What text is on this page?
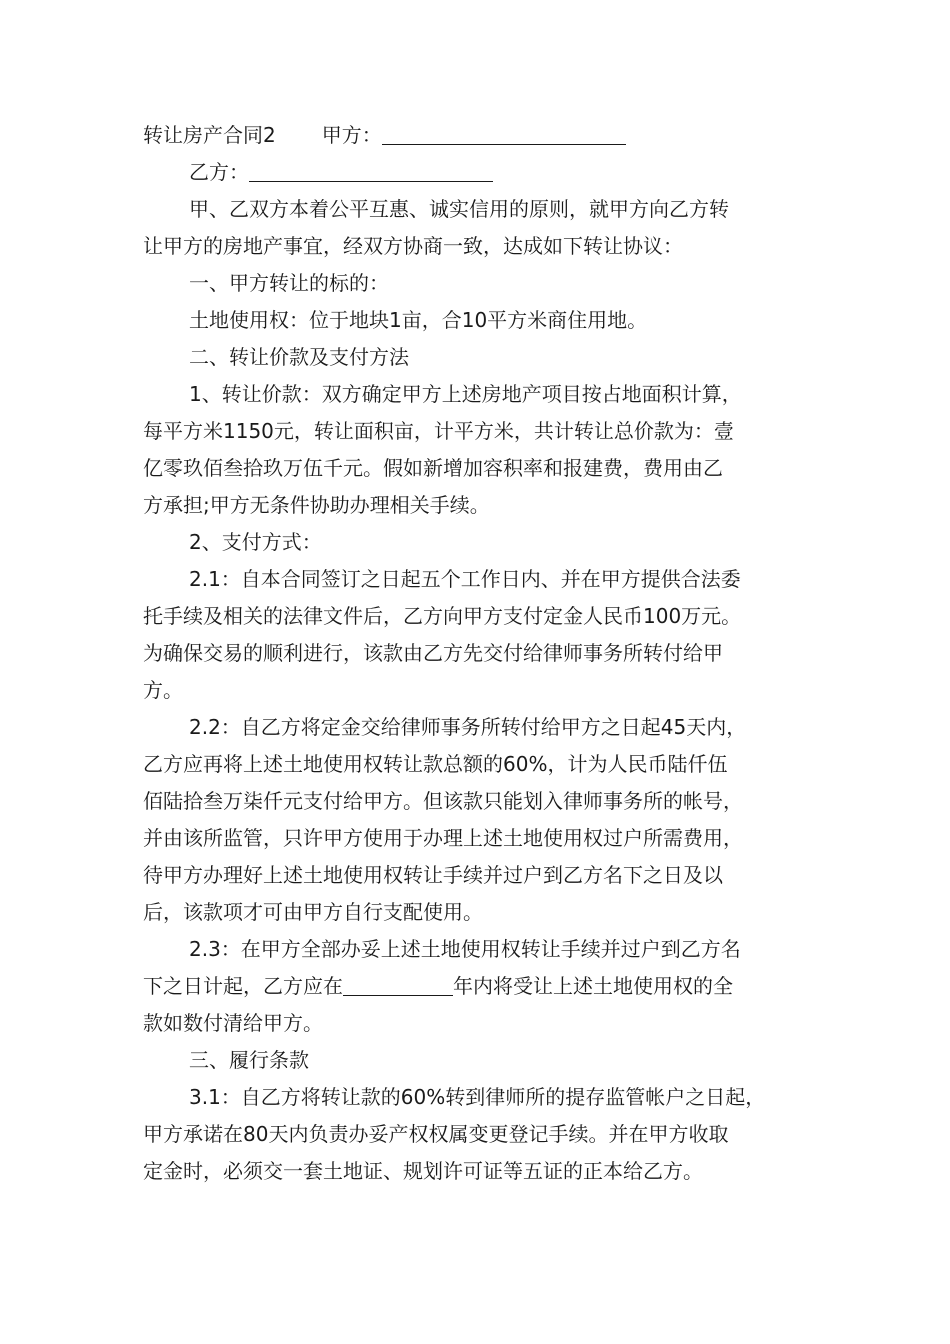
转让房产合同2 甲方：
乙方：
甲、乙双方本着公平互惠、诚实信用的原则，就甲方向乙方转
让甲方的房地产事宜，经双方协商一致，达成如下转让协议：
一、甲方转让的标的：
土地使用权：位于地块1亩，合10平方米商住用地。
二、转让价款及支付方法
1、转让价款：双方确定甲方上述房地产项目按占地面积计算，
每平方米1150元，转让面积亩，计平方米，共计转让总价款为：壹
亿零玖佰叁拾玖万伍千元。假如新增加容积率和报建费，费用由乙
方承担;甲方无条件协助办理相关手续。
2、支付方式：
2.1：自本合同签订之日起五个工作日内、并在甲方提供合法委
托手续及相关的法律文件后，乙方向甲方支付定金人民币100万元。
为确保交易的顺利进行，该款由乙方先交付给律师事务所转付给甲
方。
2.2：自乙方将定金交给律师事务所转付给甲方之日起45天内，
乙方应再将上述土地使用权转让款总额的60%，计为人民币陆仟伍
佰陆拾叁万柒仟元支付给甲方。但该款只能划入律师事务所的帐号，
并由该所监管，只许甲方使用于办理上述土地使用权过户所需费用，
待甲方办理好上述土地使用权转让手续并过户到乙方名下之日及以
后，该款项才可由甲方自行支配使用。
2.3：在甲方全部办妥上述土地使用权转让手续并过户到乙方名
下之日计起，乙方应在	年内将受让上述土地使用权的全
款如数付清给甲方。
三、履行条款
3.1：自乙方将转让款的60%转到律师所的提存监管帐户之日起，
甲方承诺在80天内负责办妥产权权属变更登记手续。并在甲方收取
定金时，必须交一套土地证、规划许可证等五证的正本给乙方。
